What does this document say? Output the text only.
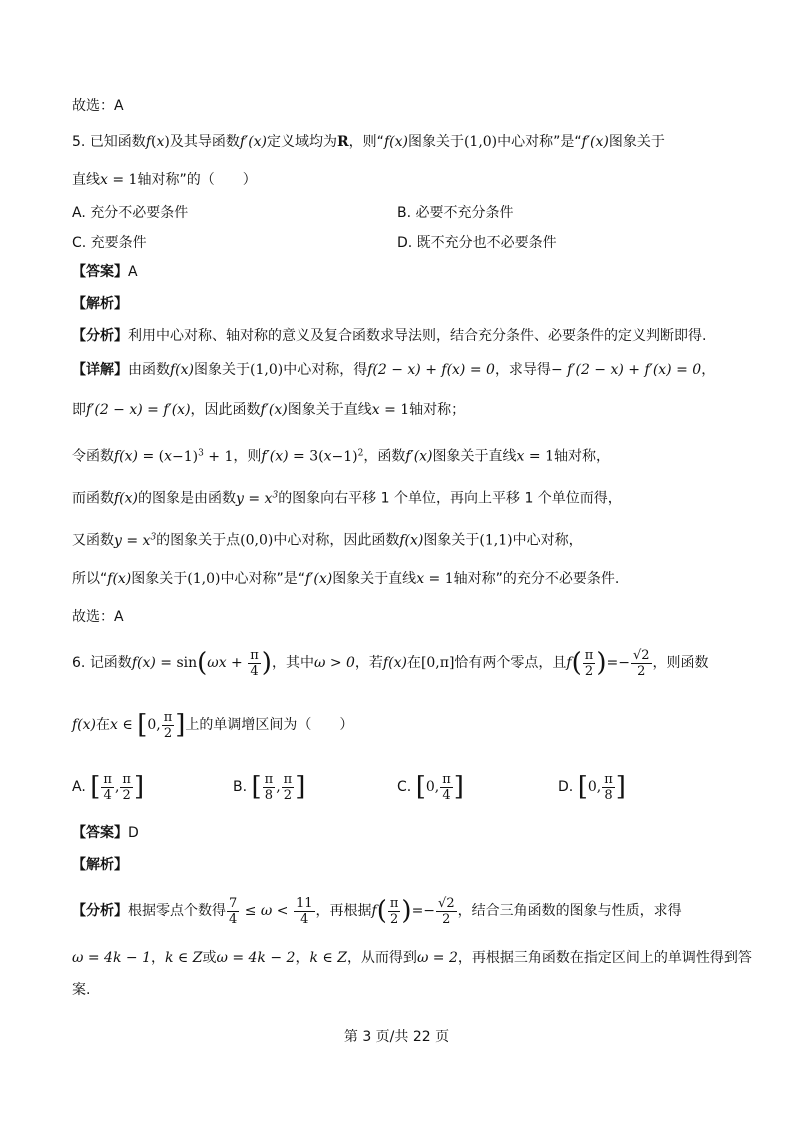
故选：A
5. 已知函数f(x)及其导函数f′(x)定义域均为R，则“f(x)图象关于(1,0)中心对称”是“f′(x)图象关于
直线x = 1轴对称”的（　　）
A. 充分不必要条件	B. 必要不充分条件
C. 充要条件	D. 既不充分也不必要条件
【答案】A
【解析】
【分析】利用中心对称、轴对称的意义及复合函数求导法则，结合充分条件、必要条件的定义判断即得.
【详解】由函数f(x)图象关于(1,0)中心对称，得f(2 − x) + f(x) = 0，求导得− f′(2 − x) + f′(x) = 0，
即f′(2 − x) = f′(x)，因此函数f′(x)图象关于直线x = 1轴对称；
令函数$f(x) = (x-1)^3 + 1$，则$f'(x) = 3(x-1)^2$，函数f′(x)图象关于直线x = 1轴对称，
而函数f(x)的图象是由函数$y = x^3$的图象向右平移 1 个单位，再向上平移 1 个单位而得，
又函数$y = x^3$的图象关于点(0,0)中心对称，因此函数f(x)图象关于(1,1)中心对称，
所以“f(x)图象关于(1,0)中心对称”是“f′(x)图象关于直线x = 1轴对称”的充分不必要条件.
故选：A
6. 记函数$f(x) = \sin(\omega x + \frac{\pi}{4}$ )，其中ω > 0，若f(x)在[0,π]恰有两个零点，且$f( \frac{\pi}{2}$ )=− $\frac{√2}{2}$ ，则函数
f(x)在x ∈ [0, $\frac{\pi}{2}$ ]上的单调增区间为（　　）
A. [ $\frac{\pi}{4}$ , $\frac{\pi}{2}$ ]	B. [ $\frac{\pi}{8}$ , $\frac{\pi}{2}$ ]	C. [0, $\frac{\pi}{4}$ ]	D. [0, $\frac{\pi}{8}$ ]
【答案】D
【解析】
【分析】根据零点个数得 $\frac{7}{4} \le \omega < \frac{11}{4}$ ，再根据$f( \frac{\pi}{2}$ )=− $\frac{√2}{2}$ ，结合三角函数的图象与性质，求得
ω = 4k − 1，k ∈ Z或ω = 4k − 2，k ∈ Z，从而得到ω = 2，再根据三角函数在指定区间上的单调性得到答
案.
第 3 页/共 22 页
